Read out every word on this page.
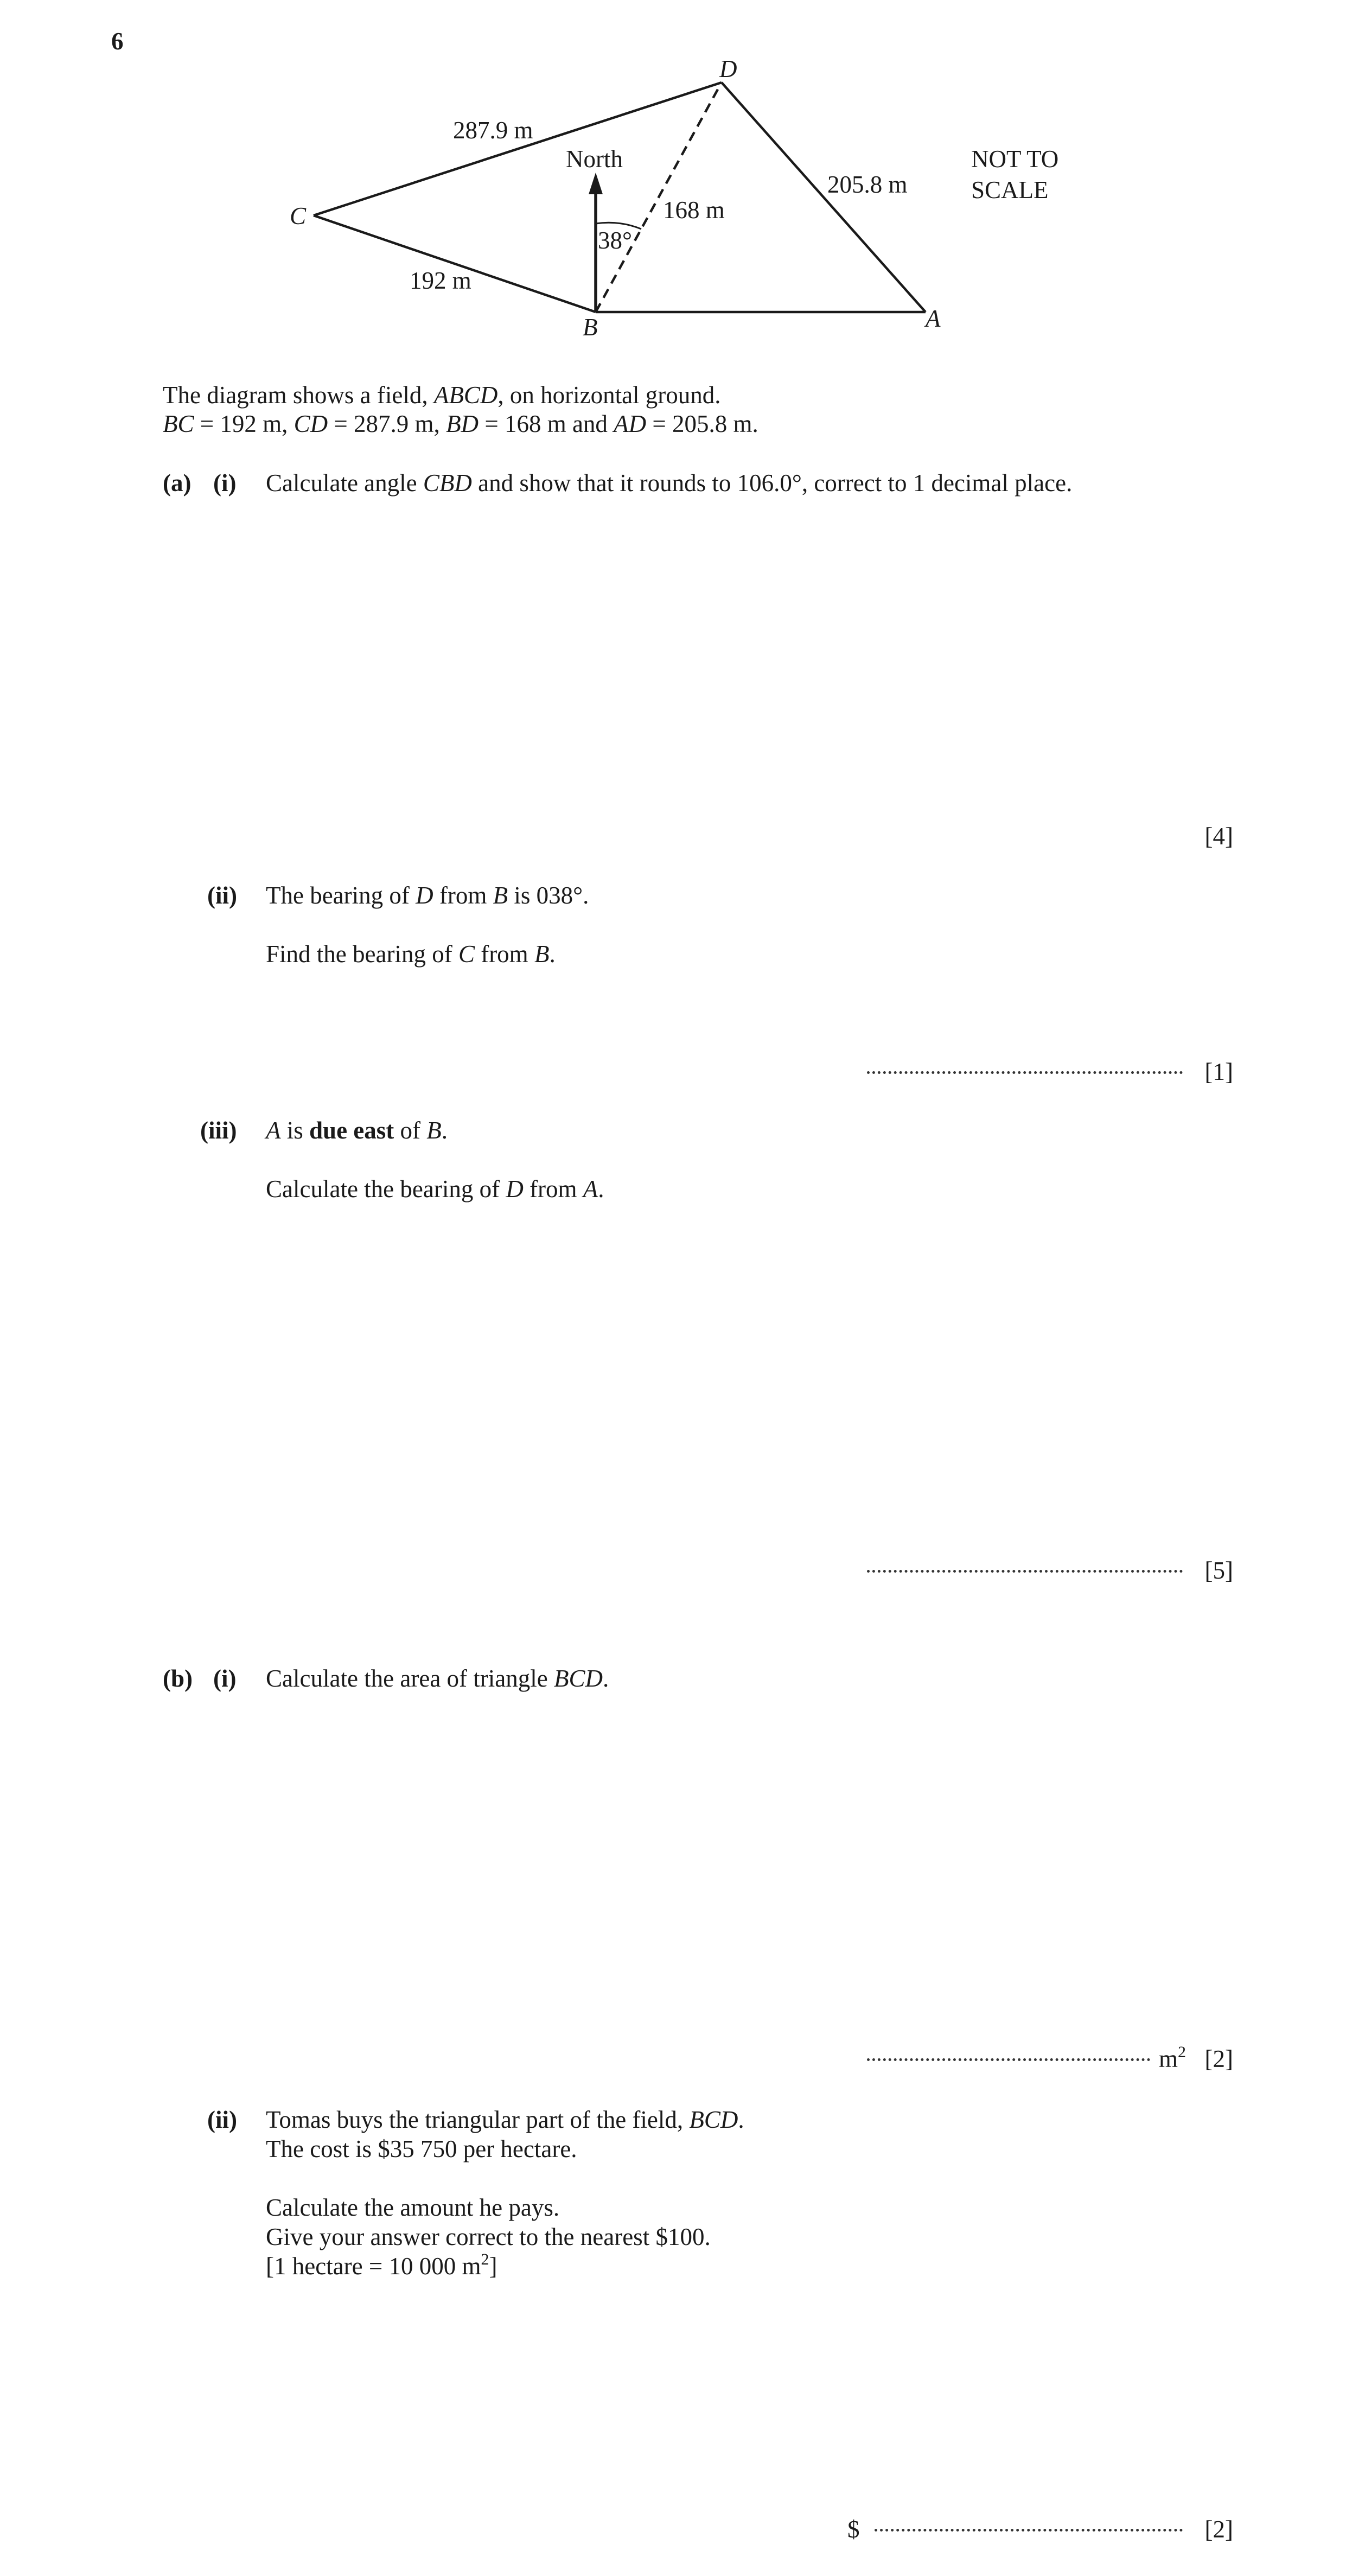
6
D
C
B	A
North
287.9 m
205.8 m
168 m
192 m
38°
NOT TO
SCALE
The diagram shows a field, ABCD, on horizontal ground.
BC = 192 m, CD = 287.9 m, BD = 168 m and AD = 205.8 m.
(a) (i) Calculate angle CBD and show that it rounds to 106.0°, correct to 1 decimal place.
[4]
(ii) The bearing of D from B is 038°.
Find the bearing of C from B.
[1]
(iii) A is due east of B.
Calculate the bearing of D from A.
[5]
(b) (i) Calculate the area of triangle BCD.
$m^2$ [2]
(ii) Tomas buys the triangular part of the field, BCD.
The cost is $35 750 per hectare.
Calculate the amount he pays.
Give your answer correct to the nearest $100.
[1 hectare = 10 000 $m^2$]
$	[2]
